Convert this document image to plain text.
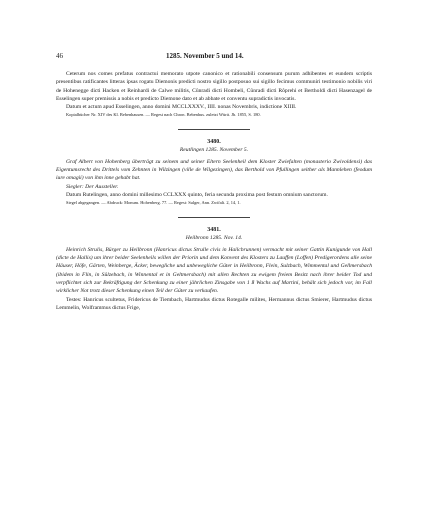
46	1285. November 5 und 14.

Ceterum nos comes prefatus contractui memorato utpote canonico et rationabili consensum purum adhibentes et eundem scriptis presentibus ratificantes litteras ipsas rogatu Diemonis predicti nostro sigillo postposuo sui sigillo fecimus communiri testimonio nobilis viri de Hohenegge dicti Hacken et Reinhardi de Calwe militis, Cûnradi dicti Hombeli, Cûnradi dicti Rôprehi et Bertholdi dicti Hasenzagel de Esselingen super premissis a nobis et predicto Diemone dato et ab abbate et conventu supradictis invocatis.

Datum et actum apud Esselingen, anno domini MCCLXXXV., IIII. nonas Novembris, indictione XIIII.

Kopialbücher Nr. XIV des Kl. Bebenhausen. — Regest nach Chron. Bebenhus. zuletzt Württ. Jb. 1855, S. 180.

3480.
Reutlingen 1285. November 5.

Graf Albert von Hohenberg überträgt zu seinem und seiner Eltern Seelenheil dem Kloster Zwiefalten (monasterio Zwivoldensi) das Eigentumsrecht des Drittels vom Zehnten in Wilzingen (ville de Wilgezingen), das Berthold von Pfullingen seither als Mannlehen (feodum iure omagii) von ihm inne gehabt hat.

Siegler: Der Aussteller.

Datum Rutelingen, anno domini millesimo CCLXXX quinto, feria secunda proxima post festum omnium sanctorum.

Siegel abgegangen. — Abdruck: Monum. Hohenberg. 77. — Regest: Sulger, Ann. Zwifalt. 2, 14, 1.

3481.
Heilbronn 1285. Nov. 14.

Heinrich Strulis, Bürger zu Heilbronn (Hanricus dictus Strulle civis in Hailcbrunnen) vermacht mit seiner Gattin Kunigunde von Hall (dicte de Hallis) um ihrer beider Seelenheils willen der Priorin und dem Konvent des Klosters zu Lauffen (Loffen) Predigerordens alle seine Häuser, Höfe, Gärten, Weinberge, Äcker, bewegliche und unbewegliche Güter in Heilbronn, Flein, Sulzbach, Wimmental und Gellmersbach (ibidem in Flin, in Sûlzebach, in Winnental et in Geltmersbach) mit allen Rechten zu ewigem freiem Besitz nach ihrer beider Tod und verpflichtet sich zur Bekräftigung der Schenkung zu einer jährlichen Zinsgabe von 1 ß Wachs auf Martini, behält sich jedoch vor, im Fall wirklicher Not trotz dieser Schenkung einen Teil der Güter zu verkaufen.

Testes: Hanricus scultetus, Fridericus de Tiembach, Hartmudus dictus Rotegalle milites, Hermannus dictus Smierer, Hartmudus dictus Lemmelin, Wolframmus dictus Frige,
